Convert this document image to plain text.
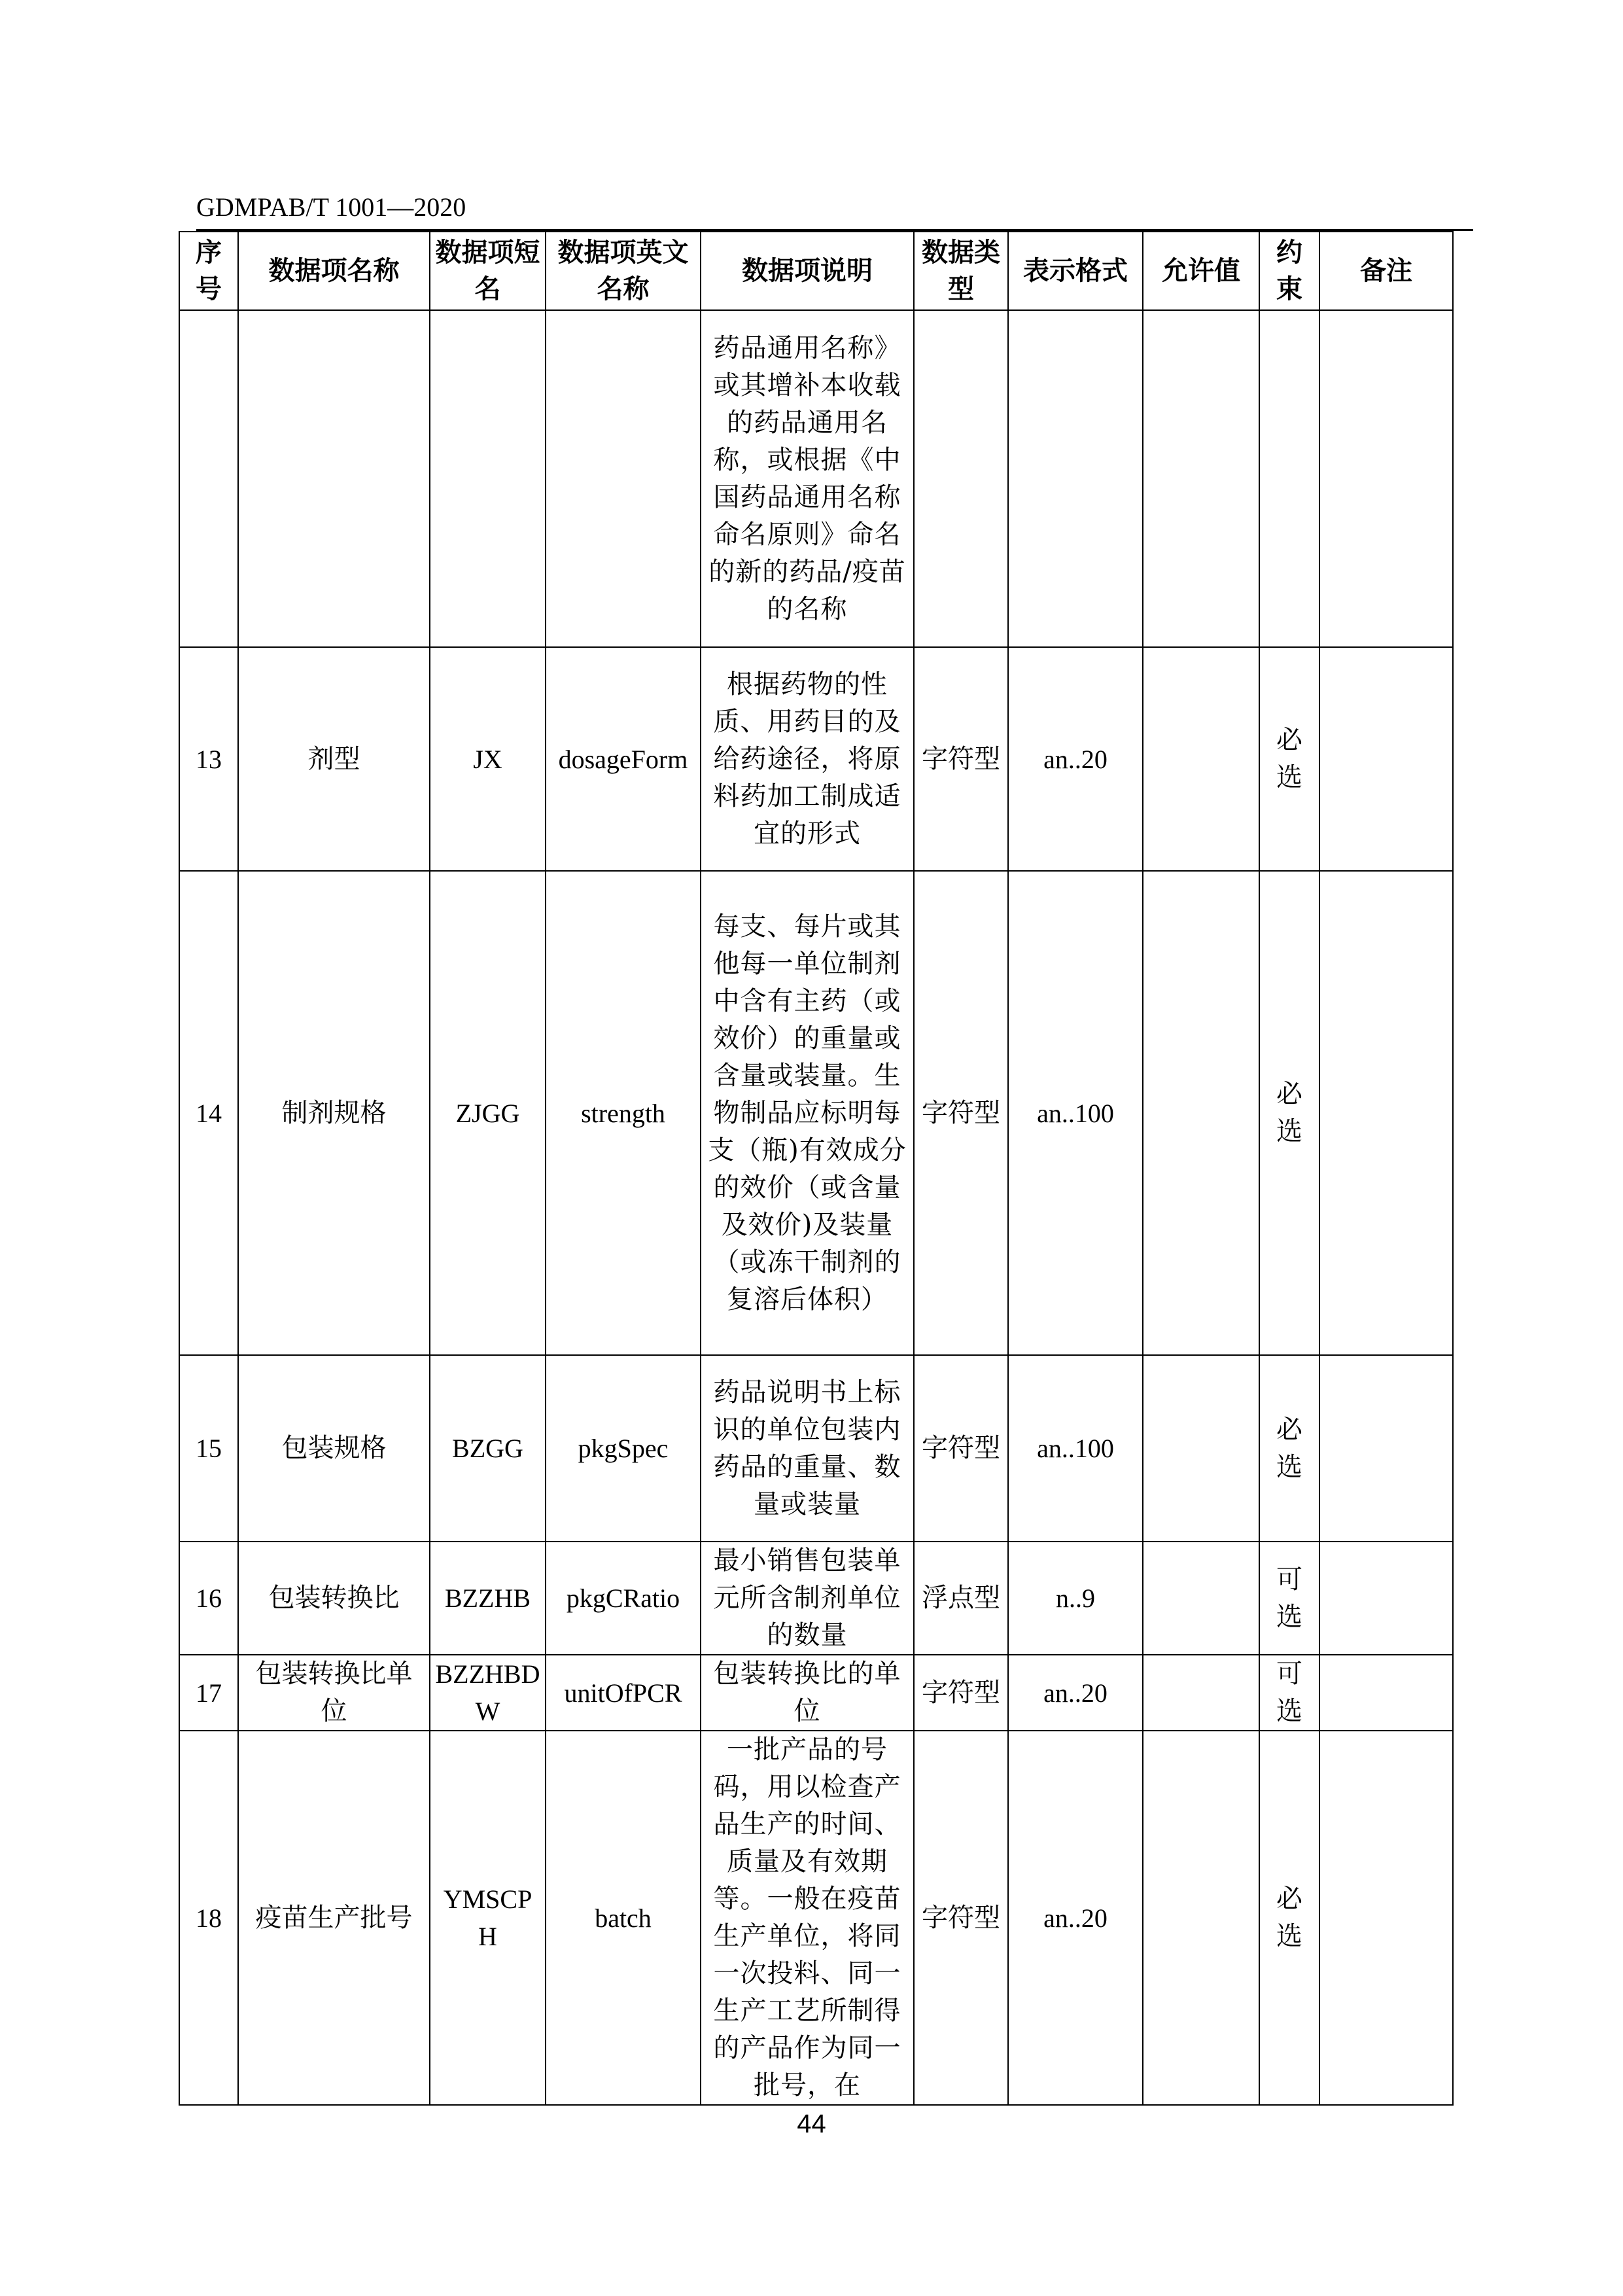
GDMPAB/T 1001—2020
序号	数据项名称	数据项短名	数据项英文名称	数据项说明	数据类型	表示格式	允许值	约束	备注
				药品通用名称》或其增补本收载的药品通用名称，或根据《中国药品通用名称命名原则》命名的新的药品/疫苗的名称					
13	剂型	JX	dosageForm	根据药物的性质、用药目的及给药途径，将原料药加工制成适宜的形式	字符型	an..20		必选	
14	制剂规格	ZJGG	strength	每支、每片或其他每一单位制剂中含有主药（或效价）的重量或含量或装量。生物制品应标明每支（瓶)有效成分的效价（或含量及效价)及装量（或冻干制剂的复溶后体积）	字符型	an..100		必选	
15	包装规格	BZGG	pkgSpec	药品说明书上标识的单位包装内药品的重量、数量或装量	字符型	an..100		必选	
16	包装转换比	BZZHB	pkgCRatio	最小销售包装单元所含制剂单位的数量	浮点型	n..9		可选	
17	包装转换比单位	BZZHBDW	unitOfPCR	包装转换比的单位	字符型	an..20		可选	
18	疫苗生产批号	YMSCPH	batch	一批产品的号码，用以检查产品生产的时间、质量及有效期等。一般在疫苗生产单位，将同一次投料、同一生产工艺所制得的产品作为同一批号，在	字符型	an..20		必选	
44
